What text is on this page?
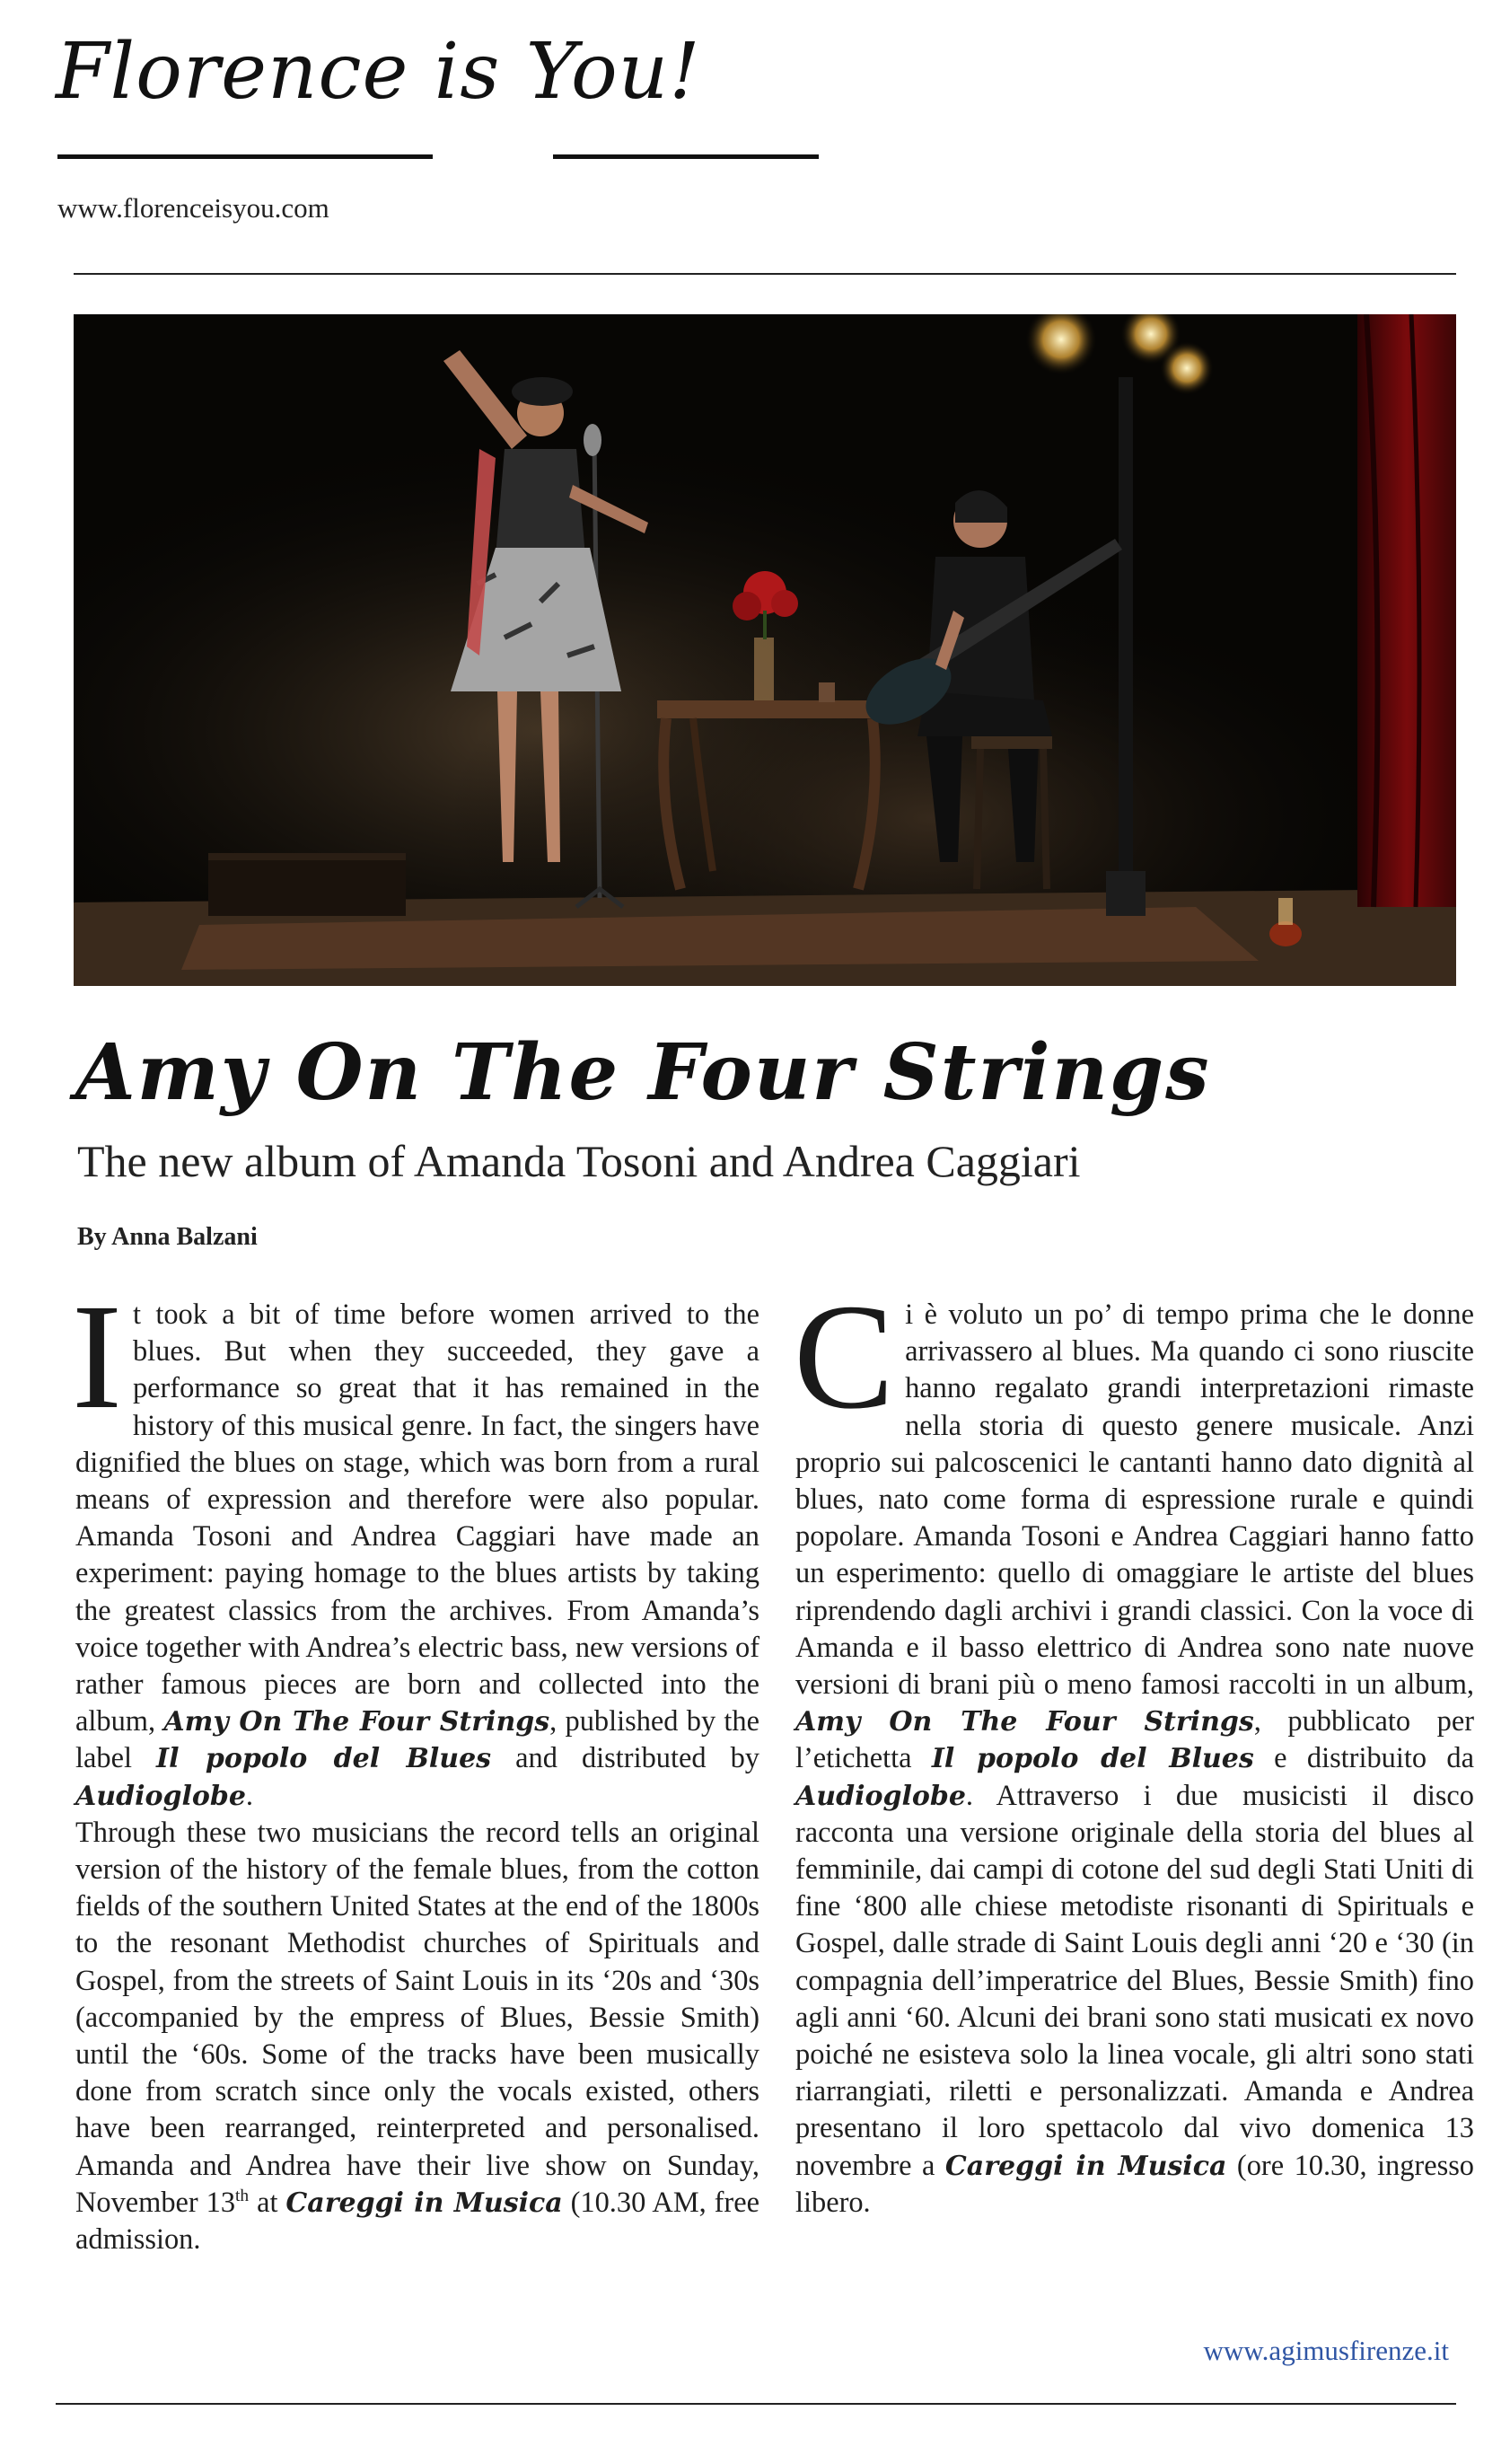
Florence is You!
www.florenceisyou.com
Amy On The Four Strings
The new album of Amanda Tosoni and Andrea Caggiari
By Anna Balzani

It took a bit of time before women arrived to the blues. But when they succeeded, they gave a performance so great that it has remained in the history of this musical genre. In fact, the singers have dignified the blues on stage, which was born from a rural means of expression and therefore were also popular. Amanda Tosoni and Andrea Caggiari have made an experiment: paying homage to the blues artists by taking the greatest classics from the archives. From Amanda’s voice together with Andrea’s electric bass, new versions of rather famous pieces are born and collected into the album, Amy On The Four Strings, published by the label Il popolo del Blues and distributed by Audioglobe.

Through these two musicians the record tells an original version of the history of the female blues, from the cotton fields of the southern United States at the end of the 1800s to the resonant Methodist churches of Spirituals and Gospel, from the streets of Saint Louis in its ‘20s and ‘30s (accompanied by the empress of Blues, Bessie Smith) until the ‘60s. Some of the tracks have been musically done from scratch since only the vocals existed, others have been rearranged, reinterpreted and personalised. Amanda and Andrea have their live show on Sunday, November 13th at Careggi in Musica (10.30 AM, free admission.

Ci è voluto un po’ di tempo prima che le donne arrivassero al blues. Ma quando ci sono riuscite hanno regalato grandi interpretazioni rimaste nella storia di questo genere musicale. Anzi proprio sui palcoscenici le cantanti hanno dato dignità al blues, nato come forma di espressione rurale e quindi popolare. Amanda Tosoni e Andrea Caggiari hanno fatto un esperimento: quello di omaggiare le artiste del blues riprendendo dagli archivi i grandi classici. Con la voce di Amanda e il basso elettrico di Andrea sono nate nuove versioni di brani più o meno famosi raccolti in un album, Amy On The Four Strings, pubblicato per l’etichetta Il popolo del Blues e distribuito da Audioglobe. Attraverso i due musicisti il disco racconta una versione originale della storia del blues al femminile, dai campi di cotone del sud degli Stati Uniti di fine ‘800 alle chiese metodiste risonanti di Spirituals e Gospel, dalle strade di Saint Louis degli anni ‘20 e ‘30 (in compagnia dell’imperatrice del Blues, Bessie Smith) fino agli anni ‘60. Alcuni dei brani sono stati musicati ex novo poiché ne esisteva solo la linea vocale, gli altri sono stati riarrangiati, riletti e personalizzati. Amanda e Andrea presentano il loro spettacolo dal vivo domenica 13 novembre a Careggi in Musica (ore 10.30, ingresso libero.

www.agimusfirenze.it
